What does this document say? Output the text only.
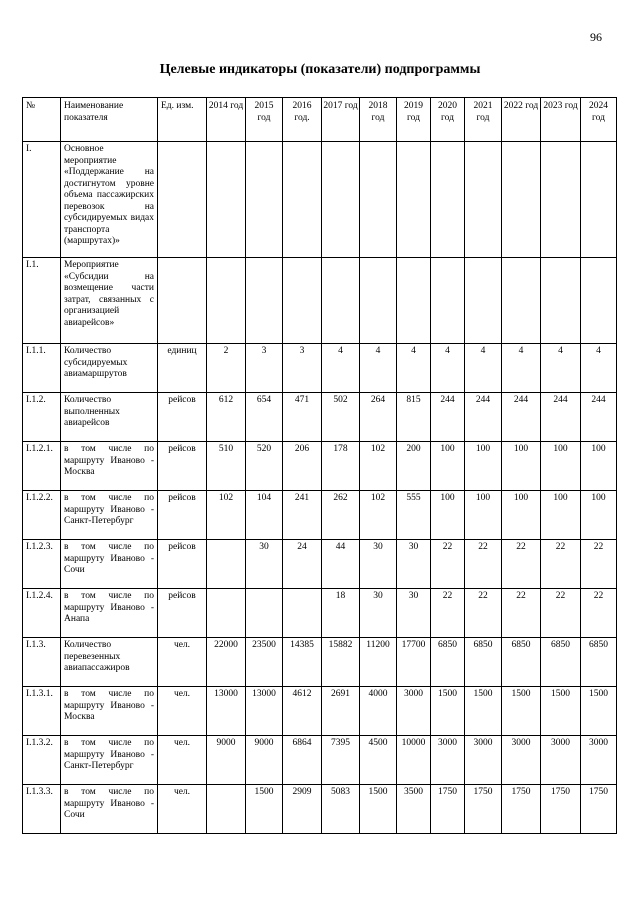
96
Целевые индикаторы (показатели) подпрограммы
№	Наименование показателя	Ед. изм.	2014 год	2015 год	2016 год.	2017 год	2018 год	2019 год	2020 год	2021 год	2022 год	2023 год	2024 год
I.	Основное мероприятие «Поддержание на достигнутом уровне объема пассажирских перевозок на субсидируемых видах транспорта (маршрутах)»												
I.1.	Мероприятие «Субсидии на возмещение части затрат, связанных с организацией авиарейсов»												
I.1.1.	Количество субсидируемых авиамаршрутов	единиц	2	3	3	4	4	4	4	4	4	4	4
I.1.2.	Количество выполненных авиарейсов	рейсов	612	654	471	502	264	815	244	244	244	244	244
I.1.2.1.	в том числе по маршруту Иваново - Москва	рейсов	510	520	206	178	102	200	100	100	100	100	100
I.1.2.2.	в том числе по маршруту Иваново - Санкт-Петербург	рейсов	102	104	241	262	102	555	100	100	100	100	100
I.1.2.3.	в том числе по маршруту Иваново - Сочи	рейсов		30	24	44	30	30	22	22	22	22	22
I.1.2.4.	в том числе по маршруту Иваново - Анапа	рейсов				18	30	30	22	22	22	22	22
I.1.3.	Количество перевезенных авиапассажиров	чел.	22000	23500	14385	15882	11200	17700	6850	6850	6850	6850	6850
I.1.3.1.	в том числе по маршруту Иваново - Москва	чел.	13000	13000	4612	2691	4000	3000	1500	1500	1500	1500	1500
I.1.3.2.	в том числе по маршруту Иваново - Санкт-Петербург	чел.	9000	9000	6864	7395	4500	10000	3000	3000	3000	3000	3000
I.1.3.3.	в том числе по маршруту Иваново - Сочи	чел.		1500	2909	5083	1500	3500	1750	1750	1750	1750	1750
